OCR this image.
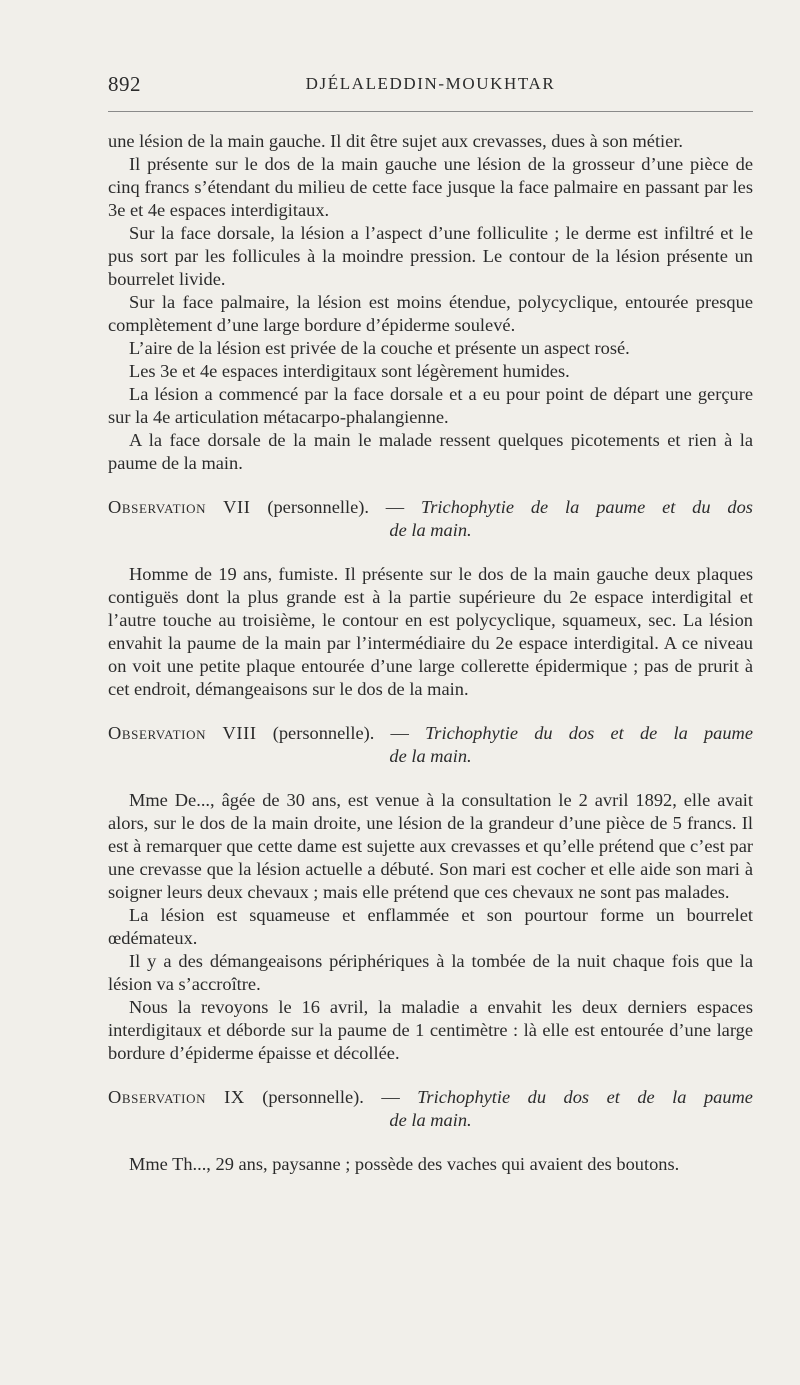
892	DJÉLALEDDIN-MOUKHTAR

une lésion de la main gauche. Il dit être sujet aux crevasses, dues à son métier.

Il présente sur le dos de la main gauche une lésion de la grosseur d’une pièce de cinq francs s’étendant du milieu de cette face jusque la face palmaire en passant par les 3e et 4e espaces interdigitaux.

Sur la face dorsale, la lésion a l’aspect d’une folliculite ; le derme est infiltré et le pus sort par les follicules à la moindre pression. Le contour de la lésion présente un bourrelet livide.

Sur la face palmaire, la lésion est moins étendue, polycyclique, entourée presque complètement d’une large bordure d’épiderme soulevé.

L’aire de la lésion est privée de la couche et présente un aspect rosé.

Les 3e et 4e espaces interdigitaux sont légèrement humides.

La lésion a commencé par la face dorsale et a eu pour point de départ une gerçure sur la 4e articulation métacarpo-phalangienne.

A la face dorsale de la main le malade ressent quelques picotements et rien à la paume de la main.

Observation VII (personnelle). — Trichophytie de la paume et du dos
de la main.

Homme de 19 ans, fumiste. Il présente sur le dos de la main gauche deux plaques contiguës dont la plus grande est à la partie supérieure du 2e espace interdigital et l’autre touche au troisième, le contour en est polycyclique, squameux, sec. La lésion envahit la paume de la main par l’intermédiaire du 2e espace interdigital. A ce niveau on voit une petite plaque entourée d’une large collerette épidermique ; pas de prurit à cet endroit, démangeaisons sur le dos de la main.

Observation VIII (personnelle). — Trichophytie du dos et de la paume
de la main.

Mme De..., âgée de 30 ans, est venue à la consultation le 2 avril 1892, elle avait alors, sur le dos de la main droite, une lésion de la grandeur d’une pièce de 5 francs. Il est à remarquer que cette dame est sujette aux crevasses et qu’elle prétend que c’est par une crevasse que la lésion actuelle a débuté. Son mari est cocher et elle aide son mari à soigner leurs deux chevaux ; mais elle prétend que ces chevaux ne sont pas malades.

La lésion est squameuse et enflammée et son pourtour forme un bourrelet œdémateux.

Il y a des démangeaisons périphériques à la tombée de la nuit chaque fois que la lésion va s’accroître.

Nous la revoyons le 16 avril, la maladie a envahit les deux derniers espaces interdigitaux et déborde sur la paume de 1 centimètre : là elle est entourée d’une large bordure d’épiderme épaisse et décollée.

Observation IX (personnelle). — Trichophytie du dos et de la paume
de la main.

Mme Th..., 29 ans, paysanne ; possède des vaches qui avaient des boutons.
